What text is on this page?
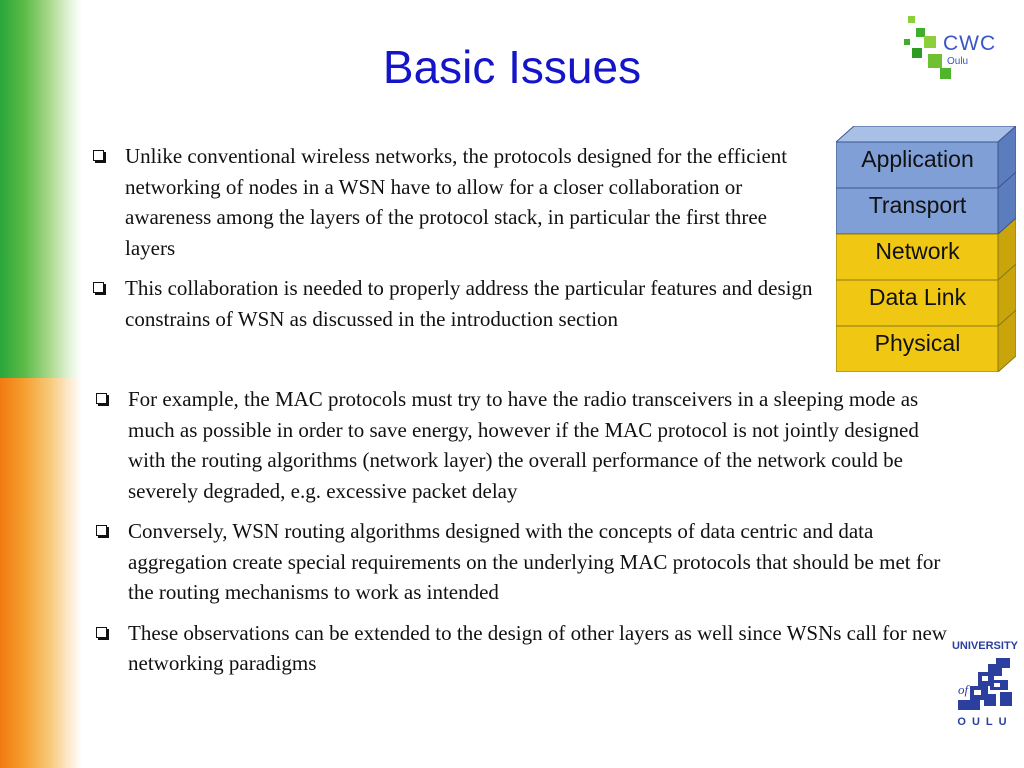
Basic Issues	CWC
Oulu
Unlike conventional wireless networks, the protocols designed for the efficient networking of nodes in a WSN have to allow for a closer collaboration or awareness among the layers of the protocol stack, in particular the first three layers
This collaboration is needed to properly address the particular features and design constrains of WSN as discussed in the introduction section
For example, the MAC protocols must try to have the radio transceivers in a sleeping mode as much as possible in order to save energy, however if the MAC protocol is not jointly designed with the routing algorithms (network layer) the overall performance of the network could be severely degraded, e.g. excessive packet delay
Conversely, WSN routing algorithms designed with the concepts of data centric and data aggregation create special requirements on the underlying MAC protocols that should be met for the routing mechanisms to work as intended
These observations can be extended to the design of other layers as well since WSNs call for new networking paradigms
Physical
Data Link
Network
Transport
Application
UNIVERSITY
of
OULU
